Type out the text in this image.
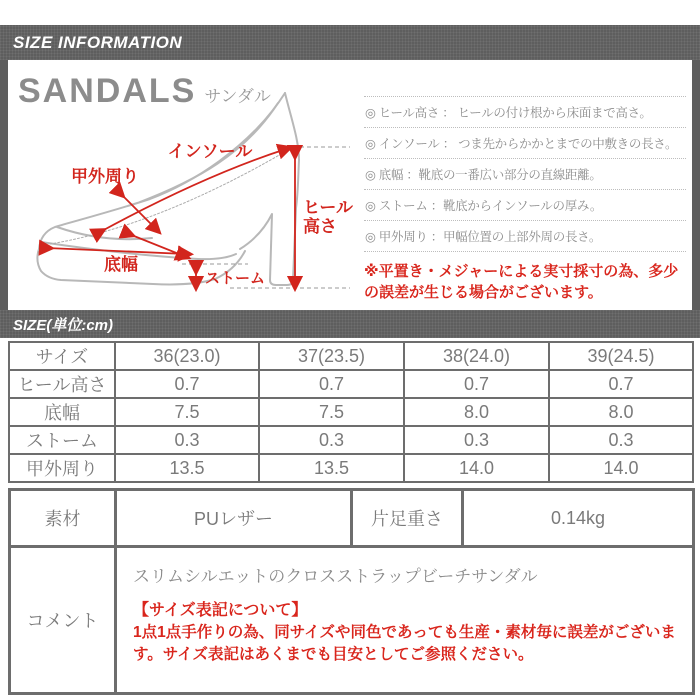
SIZE INFORMATION
SANDALS サンダル
インソール
甲外周り
ヒール
高さ
底幅
ストーム
◎ ヒール高さ ： ヒールの付け根から床面まで高さ。
◎ インソール ： つま先からかかとまでの中敷きの長さ。
◎ 底幅 ：靴底の一番広い部分の直線距離。
◎ ストーム ：靴底からインソールの厚み。
◎ 甲外周り ：甲幅位置の上部外周の長さ。
※平置き・メジャーによる実寸採寸の為、多少の誤差が生じる場合がございます。
SIZE(単位:cm)
サイズ	36(23.0)	37(23.5)	38(24.0)	39(24.5)
ヒール高さ	0.7	0.7	0.7	0.7
底幅	7.5	7.5	8.0	8.0
ストーム	0.3	0.3	0.3	0.3
甲外周り	13.5	13.5	14.0	14.0
素材	PUレザー	片足重さ	0.14kg
コメント	スリムシルエットのクロスストラップビーチサンダル

【サイズ表記について】

1点1点手作りの為、同サイズや同色であっても生産・素材毎に誤差がございます。サイズ表記はあくまでも目安としてご参照ください。		
